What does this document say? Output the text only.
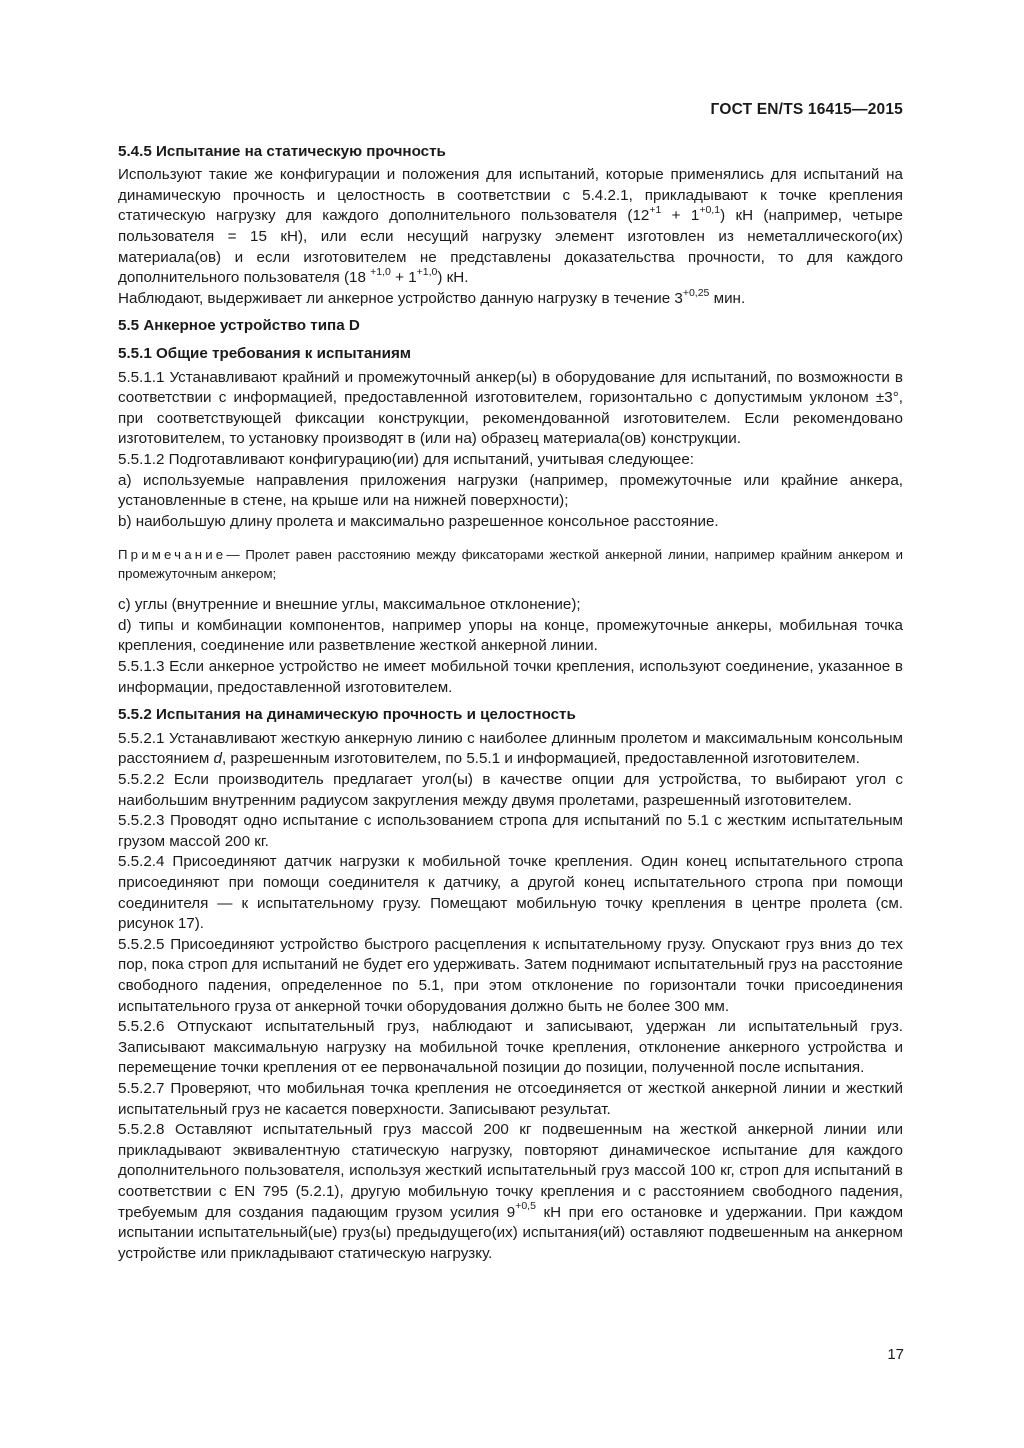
ГОСТ EN/TS 16415—2015
5.4.5 Испытание на статическую прочность

Используют такие же конфигурации и положения для испытаний, которые применялись для испытаний на динамическую прочность и целостность в соответствии с 5.4.2.1, прикладывают к точке крепления статическую нагрузку для каждого дополнительного пользователя $(12^{+1} + 1^{+0,1})$ кН (например, четыре пользователя = 15 кН), или если несущий нагрузку элемент изготовлен из неметаллического(их) материала(ов) и если изготовителем не представлены доказательства прочности, то для каждого дополнительного пользователя (18 $^{+1,0} + 1^{+1,0}$) кН.

Наблюдают, выдерживает ли анкерное устройство данную нагрузку в течение $3^{+0,25}$ мин.

5.5 Анкерное устройство типа D
5.5.1 Общие требования к испытаниям

5.5.1.1 Устанавливают крайний и промежуточный анкер(ы) в оборудование для испытаний, по возможности в соответствии с информацией, предоставленной изготовителем, горизонтально с допустимым уклоном ±3°, при соответствующей фиксации конструкции, рекомендованной изготовителем. Если рекомендовано изготовителем, то установку производят в (или на) образец материала(ов) конструкции.

5.5.1.2 Подготавливают конфигурацию(ии) для испытаний, учитывая следующее:

a) используемые направления приложения нагрузки (например, промежуточные или крайние анкера, установленные в стене, на крыше или на нижней поверхности);

b) наибольшую длину пролета и максимально разрешенное консольное расстояние.

Примечание— Пролет равен расстоянию между фиксаторами жесткой анкерной линии, например крайним анкером и промежуточным анкером;

c) углы (внутренние и внешние углы, максимальное отклонение);

d) типы и комбинации компонентов, например упоры на конце, промежуточные анкеры, мобильная точка крепления, соединение или разветвление жесткой анкерной линии.

5.5.1.3 Если анкерное устройство не имеет мобильной точки крепления, используют соединение, указанное в информации, предоставленной изготовителем.

5.5.2 Испытания на динамическую прочность и целостность

5.5.2.1 Устанавливают жесткую анкерную линию с наиболее длинным пролетом и максимальным консольным расстоянием d, разрешенным изготовителем, по 5.5.1 и информацией, предоставленной изготовителем.

5.5.2.2 Если производитель предлагает угол(ы) в качестве опции для устройства, то выбирают угол с наибольшим внутренним радиусом закругления между двумя пролетами, разрешенный изготовителем.

5.5.2.3 Проводят одно испытание с использованием стропа для испытаний по 5.1 с жестким испытательным грузом массой 200 кг.

5.5.2.4 Присоединяют датчик нагрузки к мобильной точке крепления. Один конец испытательного стропа присоединяют при помощи соединителя к датчику, а другой конец испытательного стропа при помощи соединителя — к испытательному грузу. Помещают мобильную точку крепления в центре пролета (см. рисунок 17).

5.5.2.5 Присоединяют устройство быстрого расцепления к испытательному грузу. Опускают груз вниз до тех пор, пока строп для испытаний не будет его удерживать. Затем поднимают испытательный груз на расстояние свободного падения, определенное по 5.1, при этом отклонение по горизонтали точки присоединения испытательного груза от анкерной точки оборудования должно быть не более 300 мм.

5.5.2.6 Отпускают испытательный груз, наблюдают и записывают, удержан ли испытательный груз. Записывают максимальную нагрузку на мобильной точке крепления, отклонение анкерного устройства и перемещение точки крепления от ее первоначальной позиции до позиции, полученной после испытания.

5.5.2.7 Проверяют, что мобильная точка крепления не отсоединяется от жесткой анкерной линии и жесткий испытательный груз не касается поверхности. Записывают результат.

5.5.2.8 Оставляют испытательный груз массой 200 кг подвешенным на жесткой анкерной линии или прикладывают эквивалентную статическую нагрузку, повторяют динамическое испытание для каждого дополнительного пользователя, используя жесткий испытательный груз массой 100 кг, строп для испытаний в соответствии с EN 795 (5.2.1), другую мобильную точку крепления и с расстоянием свободного падения, требуемым для создания падающим грузом усилия $9^{+0,5}$ кН при его остановке и удержании. При каждом испытании испытательный(ые) груз(ы) предыдущего(их) испытания(ий) оставляют подвешенным на анкерном устройстве или прикладывают статическую нагрузку.

17
